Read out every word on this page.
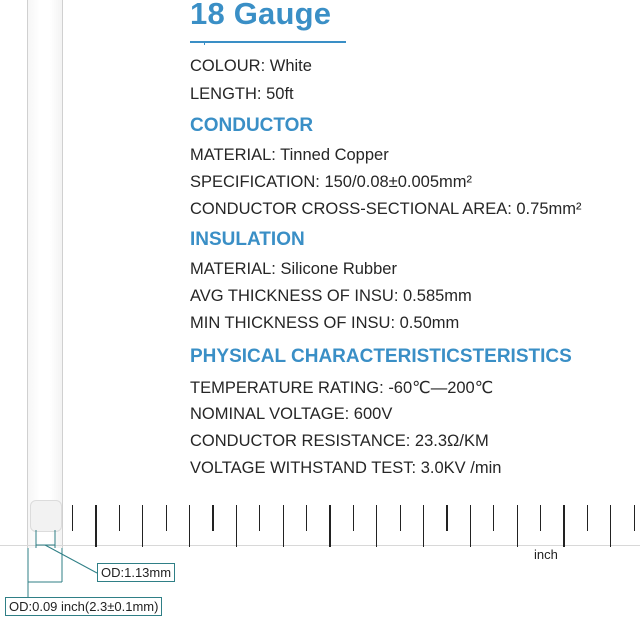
18 Gauge
COLOUR: White
LENGTH: 50ft
CONDUCTOR
MATERIAL: Tinned Copper
SPECIFICATION: 150/0.08±0.005mm²
CONDUCTOR CROSS-SECTIONAL AREA: 0.75mm²
INSULATION
MATERIAL: Silicone Rubber
AVG THICKNESS OF INSU: 0.585mm
MIN THICKNESS OF INSU: 0.50mm
PHYSICAL CHARACTERISTICSTERISTICS
TEMPERATURE RATING: -60℃—200℃
NOMINAL VOLTAGE: 600V
CONDUCTOR RESISTANCE: 23.3Ω/KM
VOLTAGE WITHSTAND TEST: 3.0KV /min
inch
OD:1.13mm
OD:0.09 inch(2.3±0.1mm)
